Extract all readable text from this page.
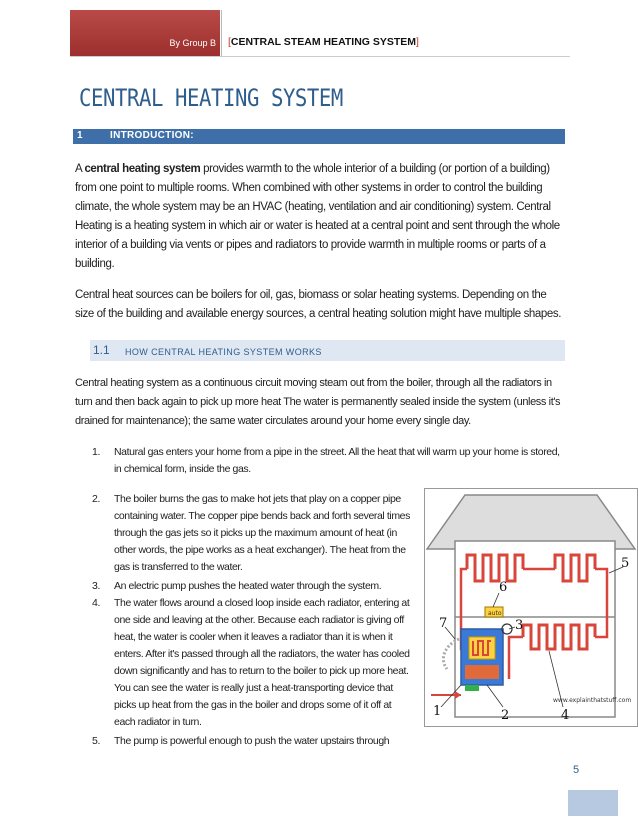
By Group B [CENTRAL STEAM HEATING SYSTEM]
CENTRAL HEATING SYSTEM
1	INTRODUCTION:
A central heating system provides warmth to the whole interior of a building (or portion of a building) from one point to multiple rooms. When combined with other systems in order to control the building climate, the whole system may be an HVAC (heating, ventilation and air conditioning) system. Central Heating is a heating system in which air or water is heated at a central point and sent through the whole interior of a building via vents or pipes and radiators to provide warmth in multiple rooms or parts of a building.
Central heat sources can be boilers for oil, gas, biomass or solar heating systems. Depending on the size of the building and available energy sources, a central heating solution might have multiple shapes.
1.1 HOW CENTRAL HEATING SYSTEM WORKS
Central heating system as a continuous circuit moving steam out from the boiler, through all the radiators in turn and then back again to pick up more heat The water is permanently sealed inside the system (unless it's drained for maintenance); the same water circulates around your home every single day.
1. Natural gas enters your home from a pipe in the street. All the heat that will warm up your home is stored, in chemical form, inside the gas.
2. The boiler burns the gas to make hot jets that play on a copper pipe containing water. The copper pipe bends back and forth several times through the gas jets so it picks up the maximum amount of heat (in other words, the pipe works as a heat exchanger). The heat from the gas is transferred to the water.
3. An electric pump pushes the heated water through the system.
4. The water flows around a closed loop inside each radiator, entering at one side and leaving at the other. Because each radiator is giving off heat, the water is cooler when it leaves a radiator than it is when it enters. After it's passed through all the radiators, the water has cooled down significantly and has to return to the boiler to pick up more heat. You can see the water is really just a heat-transporting device that picks up heat from the gas in the boiler and drops some of it off at each radiator in turn.
5. The pump is powerful enough to push the water upstairs through
auto
1	2
3
4
5
6
7
www.explainthatstuff.com
5
